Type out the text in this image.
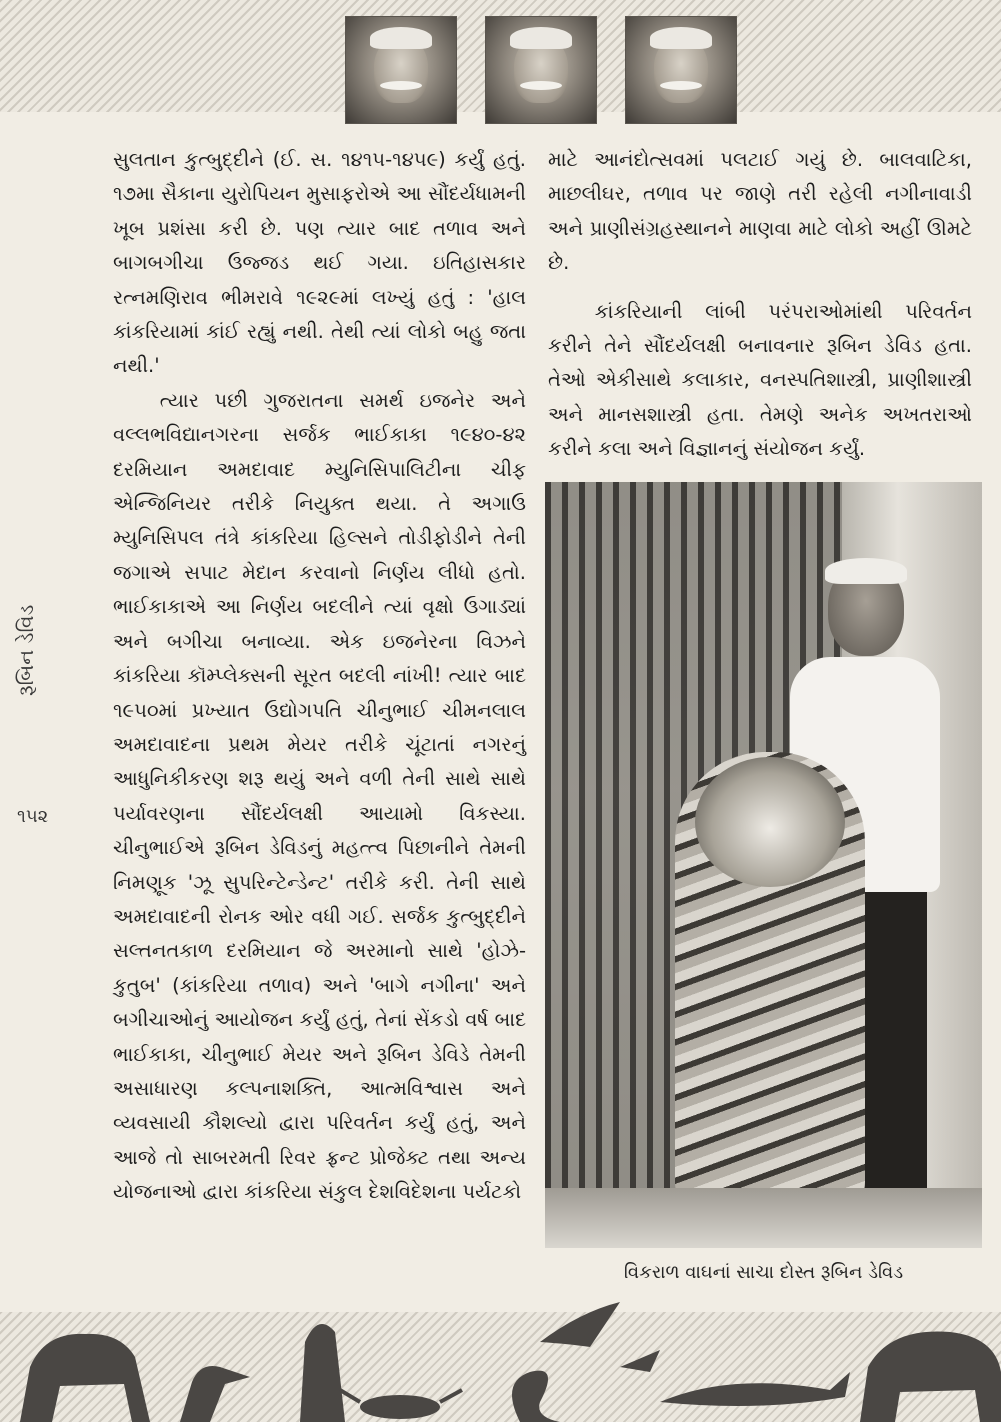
સુલતાન કુત્બુદ્દીને (ઈ. સ. ૧૪૧૫-૧૪૫૯) કર્યું હતું. ૧૭મા સૈકાના યુરોપિયન મુસાફરોએ આ સૌંદર્યધામની ખૂબ પ્રશંસા કરી છે. પણ ત્યાર બાદ તળાવ અને બાગબગીચા ઉજ્જડ થઈ ગયા. ઇતિહાસકાર રત્નમણિરાવ ભીમરાવે ૧૯૨૯માં લખ્યું હતું : 'હાલ કાંકરિયામાં કાંઈ રહ્યું નથી. તેથી ત્યાં લોકો બહુ જતા નથી.'

ત્યાર પછી ગુજરાતના સમર્થ ઇજનેર અને વલ્લભવિદ્યાનગરના સર્જક ભાઈકાકા ૧૯૪૦-૪૨ દરમિયાન અમદાવાદ મ્યુનિસિપાલિટીના ચીફ એન્જિનિયર તરીકે નિયુક્ત થયા. તે અગાઉ મ્યુનિસિપલ તંત્રે કાંકરિયા હિલ્સને તોડીફોડીને તેની જગાએ સપાટ મેદાન કરવાનો નિર્ણય લીધો હતો. ભાઈકાકાએ આ નિર્ણય બદલીને ત્યાં વૃક્ષો ઉગાડ્યાં અને બગીચા બનાવ્યા. એક ઇજનેરના વિઝને કાંકરિયા કૉમ્પ્લેક્સની સૂરત બદલી નાંખી! ત્યાર બાદ ૧૯૫૦માં પ્રખ્યાત ઉદ્યોગપતિ ચીનુભાઈ ચીમનલાલ અમદાવાદના પ્રથમ મેયર તરીકે ચૂંટાતાં નગરનું આધુનિકીકરણ શરૂ થયું અને વળી તેની સાથે સાથે પર્યાવરણના સૌંદર્યલક્ષી આયામો વિકસ્યા. ચીનુભાઈએ રૂબિન ડેવિડનું મહત્ત્વ પિછાનીને તેમની નિમણૂક 'ઝૂ સુપરિન્ટેન્ડેન્ટ' તરીકે કરી. તેની સાથે અમદાવાદની રોનક ઓર વધી ગઈ. સર્જક કુત્બુદ્દીને સલ્તનતકાળ દરમિયાન જે અરમાનો સાથે 'હોઝે-કુતુબ' (કાંકરિયા તળાવ) અને 'બાગે નગીના' અને બગીચાઓનું આયોજન કર્યું હતું, તેનાં સેંકડો વર્ષ બાદ ભાઈકાકા, ચીનુભાઈ મેયર અને રૂબિન ડેવિડે તેમની અસાધારણ કલ્પનાશક્તિ, આત્મવિશ્વાસ અને વ્યવસાયી કૌશલ્યો દ્વારા પરિવર્તન કર્યું હતું, અને આજે તો સાબરમતી રિવર ફ્રન્ટ પ્રોજેક્ટ તથા અન્ય યોજનાઓ દ્વારા કાંકરિયા સંકુલ દેશવિદેશના પર્યટકો

માટે આનંદોત્સવમાં પલટાઈ ગયું છે. બાલવાટિકા, માછલીઘર, તળાવ પર જાણે તરી રહેલી નગીનાવાડી અને પ્રાણીસંગ્રહસ્થાનને માણવા માટે લોકો અહીં ઊમટે છે.

કાંકરિયાની લાંબી પરંપરાઓમાંથી પરિવર્તન કરીને તેને સૌંદર્યલક્ષી બનાવનાર રૂબિન ડેવિડ હતા. તેઓ એકીસાથે કલાકાર, વનસ્પતિશાસ્ત્રી, પ્રાણીશાસ્ત્રી અને માનસશાસ્ત્રી હતા. તેમણે અનેક અખતરાઓ કરીને કલા અને વિજ્ઞાનનું સંયોજન કર્યું.

રૂબિન ડેવિડ
૧૫૨
વિકરાળ વાઘનાં સાચા દોસ્ત રૂબિન ડેવિડ
